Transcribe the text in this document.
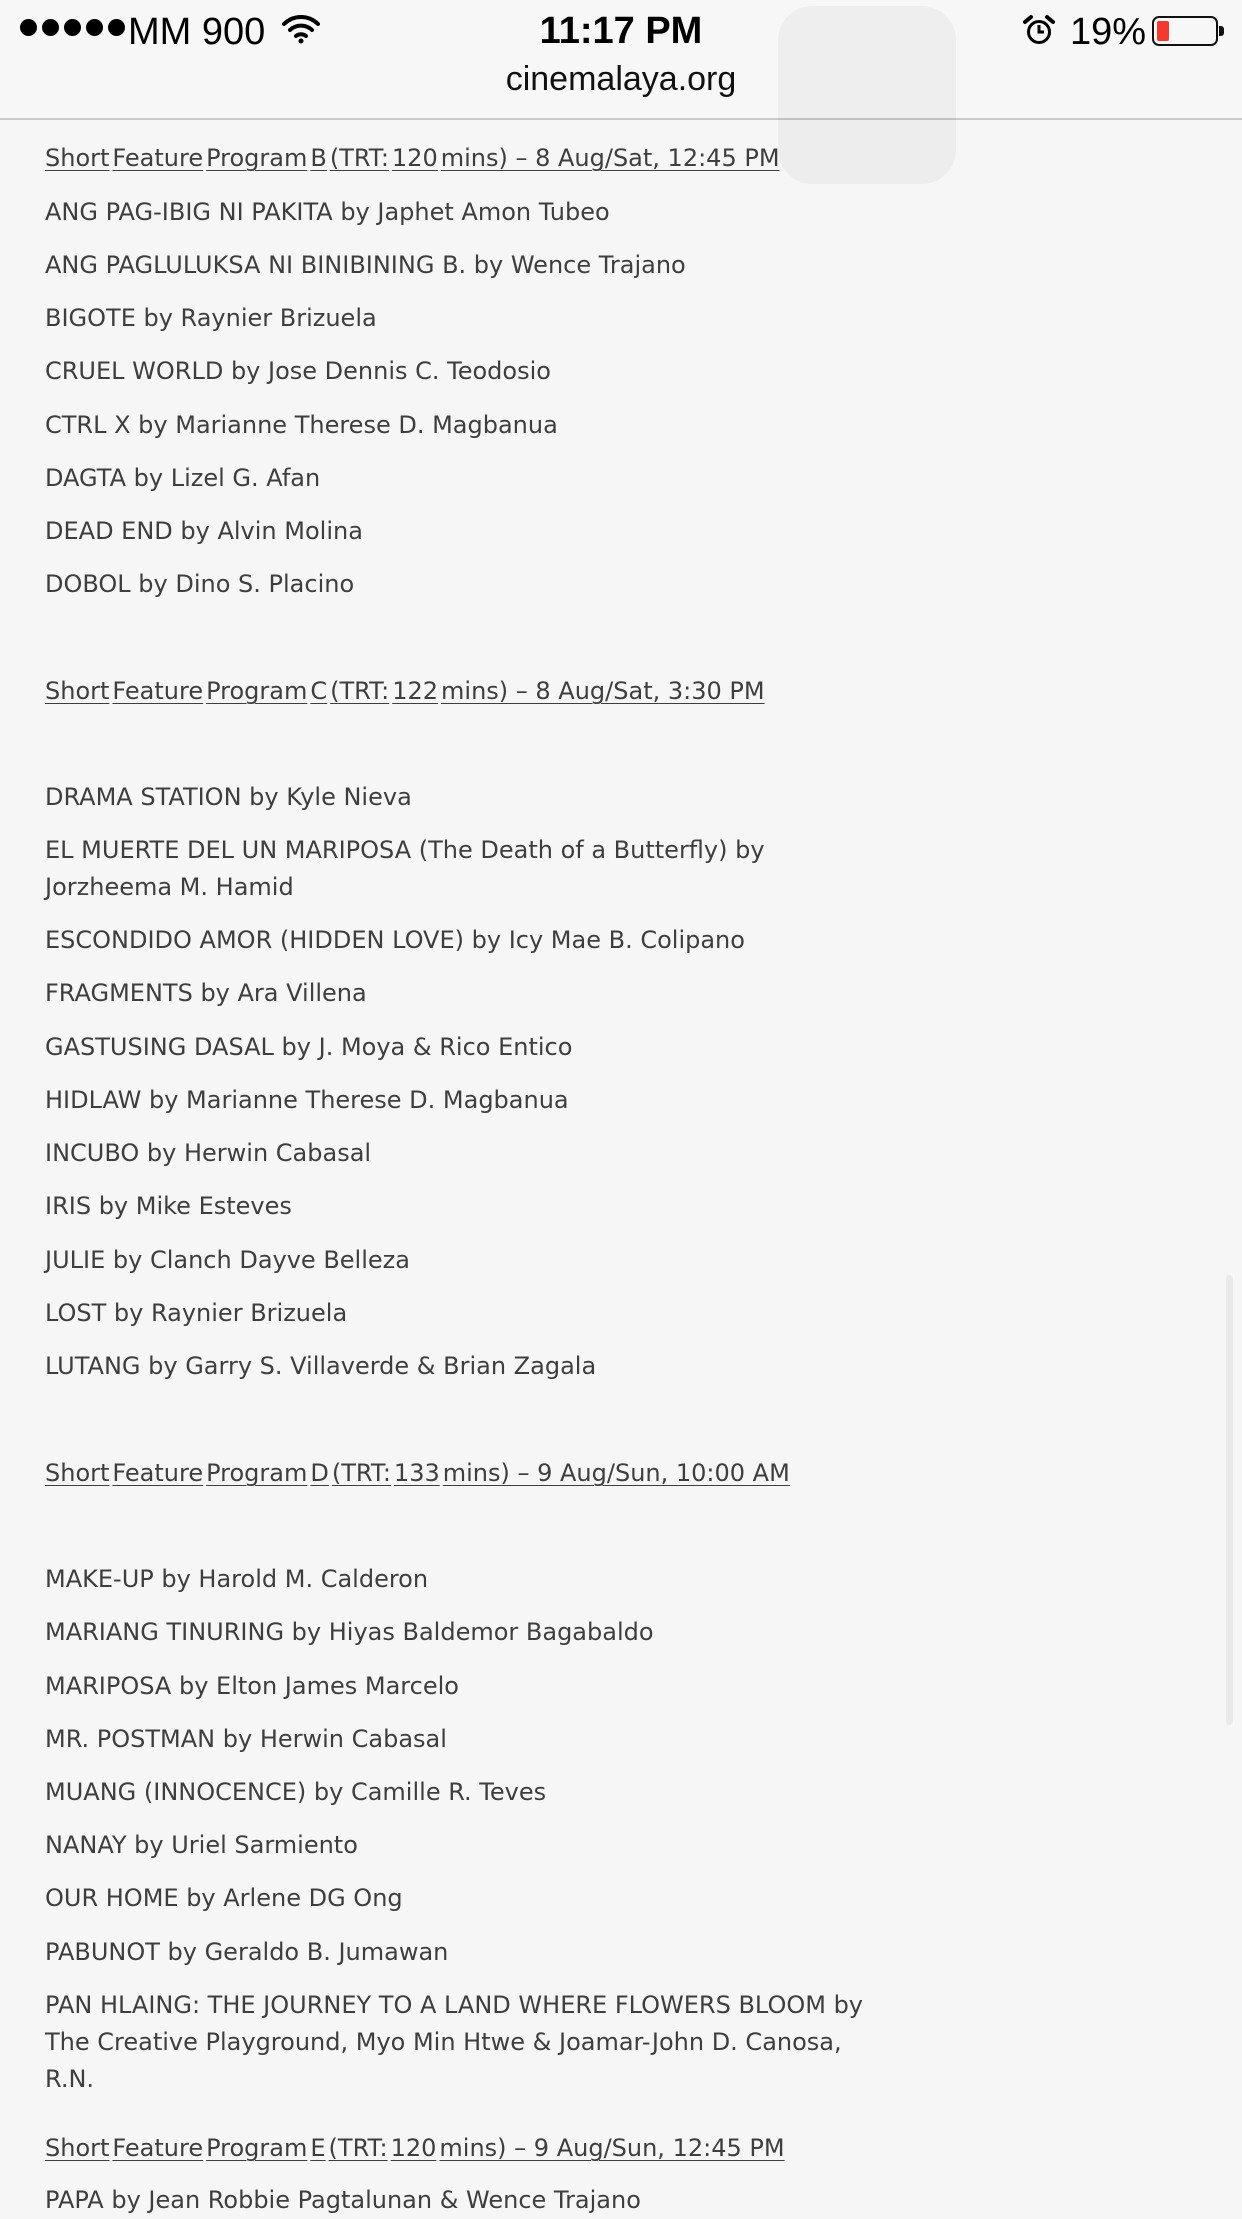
MM 900	11:17 PM	19%
cinemalaya.org
Short Feature Program B (TRT: 120 mins) – 8 Aug/Sat, 12:45 PM
ANG PAG-IBIG NI PAKITA by Japhet Amon Tubeo
ANG PAGLULUKSA NI BINIBINING B. by Wence Trajano
BIGOTE by Raynier Brizuela
CRUEL WORLD by Jose Dennis C. Teodosio
CTRL X by Marianne Therese D. Magbanua
DAGTA by Lizel G. Afan
DEAD END by Alvin Molina
DOBOL by Dino S. Placino
Short Feature Program C (TRT: 122 mins) – 8 Aug/Sat, 3:30 PM
DRAMA STATION by Kyle Nieva
EL MUERTE DEL UN MARIPOSA (The Death of a Butterfly) by Jorzheema M. Hamid
ESCONDIDO AMOR (HIDDEN LOVE) by Icy Mae B. Colipano
FRAGMENTS by Ara Villena
GASTUSING DASAL by J. Moya & Rico Entico
HIDLAW by Marianne Therese D. Magbanua
INCUBO by Herwin Cabasal
IRIS by Mike Esteves
JULIE by Clanch Dayve Belleza
LOST by Raynier Brizuela
LUTANG by Garry S. Villaverde & Brian Zagala
Short Feature Program D (TRT: 133 mins) – 9 Aug/Sun, 10:00 AM
MAKE-UP by Harold M. Calderon
MARIANG TINURING by Hiyas Baldemor Bagabaldo
MARIPOSA by Elton James Marcelo
MR. POSTMAN by Herwin Cabasal
MUANG (INNOCENCE) by Camille R. Teves
NANAY by Uriel Sarmiento
OUR HOME by Arlene DG Ong
PABUNOT by Geraldo B. Jumawan
PAN HLAING: THE JOURNEY TO A LAND WHERE FLOWERS BLOOM by The Creative Playground, Myo Min Htwe & Joamar-John D. Canosa, R.N.
Short Feature Program E (TRT: 120 mins) – 9 Aug/Sun, 12:45 PM
PAPA by Jean Robbie Pagtalunan & Wence Trajano
